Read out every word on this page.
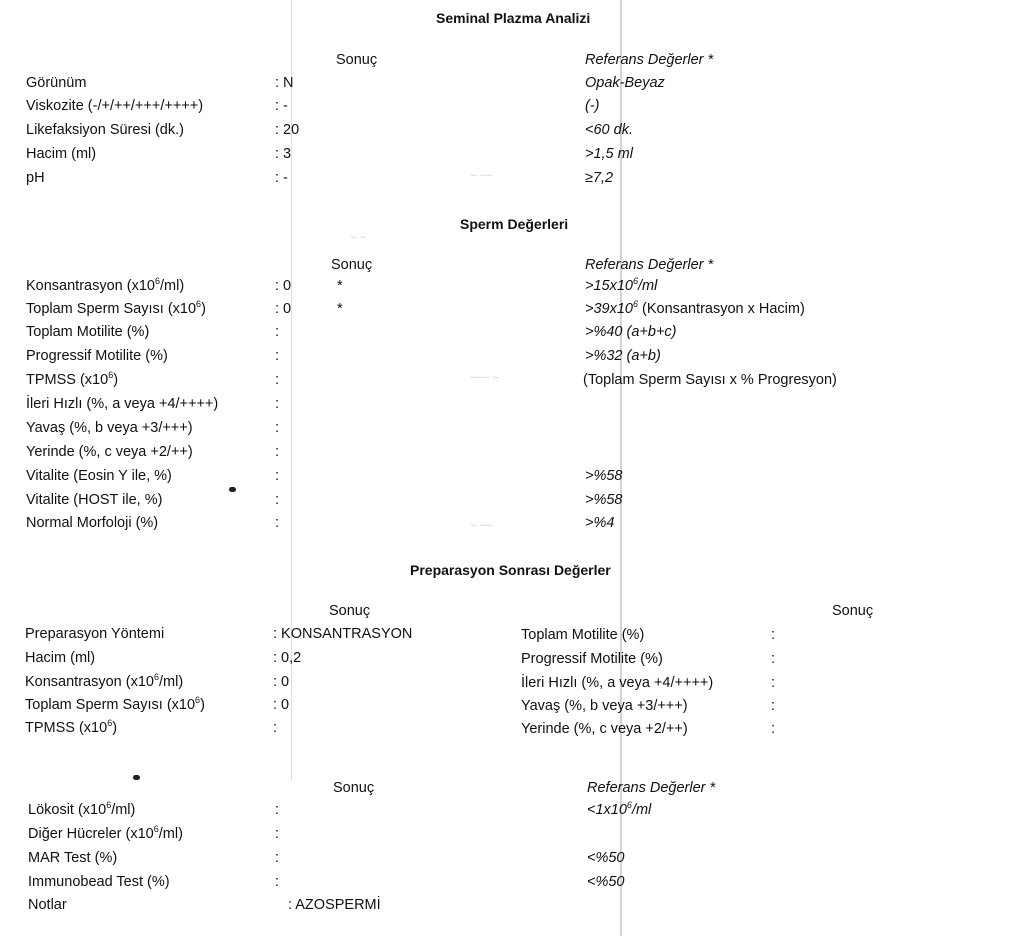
~ ~~
~ ~
~~~ ~
~ ~~
Seminal Plazma Analizi
Sonuç	Referans Değerler *
Görünüm	: N	Opak-Beyaz
Viskozite (-/+/++/+++/++++)	: -	(-)
Likefaksiyon Süresi (dk.)	: 20	<60 dk.
Hacim (ml)	: 3	>1,5 ml
pH	: -	≥7,2
Sperm Değerleri
Sonuç	Referans Değerler *
Konsantrasyon $(x10^6/ml)$	: 0	*	$>15x10^6/ml$
Toplam Sperm Sayısı $(x10^6)$	: 0	*	$>39x10^6$ (Konsantrasyon x Hacim)
Toplam Motilite (%)	:	>%40 (a+b+c)
Progressif Motilite (%)	:	>%32 (a+b)
TPMSS $(x10^6)$	:	(Toplam Sperm Sayısı x % Progresyon)
İleri Hızlı (%, a veya +4/++++)	:
Yavaş (%, b veya +3/+++)	:
Yerinde (%, c veya +2/++)	:
Vitalite (Eosin Y ile, %)	:	>%58
Vitalite (HOST ile, %)	:	>%58
Normal Morfoloji (%)	:	>%4
Preparasyon Sonrası Değerler
Sonuç	Sonuç
Preparasyon Yöntemi	: KONSANTRASYON
Hacim (ml)	: 0,2
Konsantrasyon $(x10^6/ml)$	: 0
Toplam Sperm Sayısı $(x10^6)$	: 0
TPMSS $(x10^6)$	:
Toplam Motilite (%)	:
Progressif Motilite (%)	:
İleri Hızlı (%, a veya +4/++++)	:
Yavaş (%, b veya +3/+++)	:
Yerinde (%, c veya +2/++)	:
Sonuç	Referans Değerler *
Lökosit $(x10^6/ml)$	:	$<1x10^6/ml$
Diğer Hücreler $(x10^6/ml)$	:
MAR Test (%)	:	<%50
Immunobead Test (%)	:	<%50
Notlar	: AZOSPERMİ
